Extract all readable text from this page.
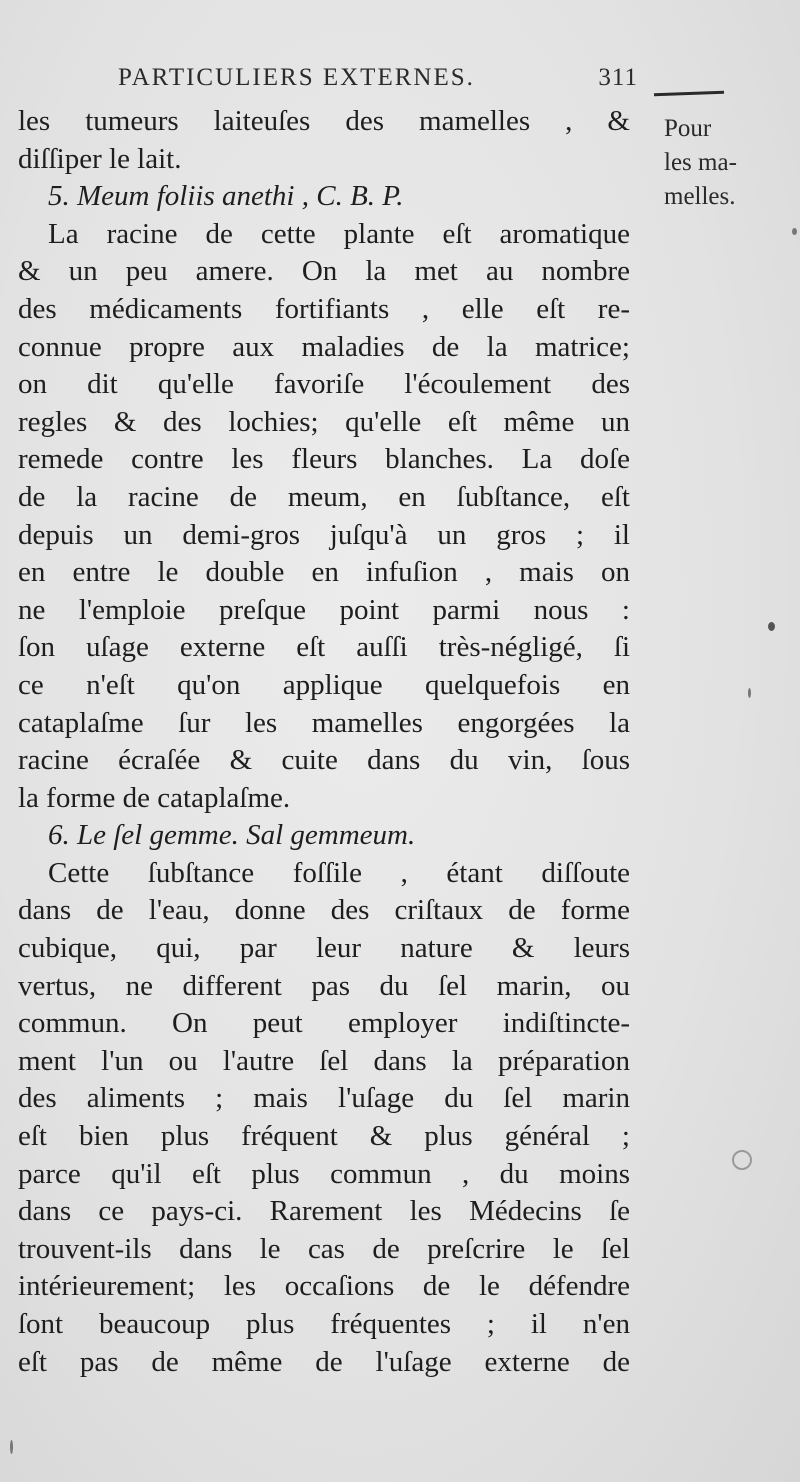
PARTICULIERS EXTERNES.	311
Pour
les ma-
melles.
les tumeurs laiteuſes des mamelles , &
diſſiper le lait.
5. Meum foliis anethi , C. B. P.
La racine de cette plante eſt aromatique
& un peu amere. On la met au nombre
des médicaments fortifiants , elle eſt re-
connue propre aux maladies de la matrice;
on dit qu'elle favoriſe l'écoulement des
regles & des lochies; qu'elle eſt même un
remede contre les fleurs blanches. La doſe
de la racine de meum, en ſubſtance, eſt
depuis un demi-gros juſqu'à un gros ; il
en entre le double en infuſion , mais on
ne l'emploie preſque point parmi nous :
ſon uſage externe eſt auſſi très-négligé, ſi
ce n'eſt qu'on applique quelquefois en
cataplaſme ſur les mamelles engorgées la
racine écraſée & cuite dans du vin, ſous
la forme de cataplaſme.
6. Le ſel gemme. Sal gemmeum.
Cette ſubſtance foſſile , étant diſſoute
dans de l'eau, donne des criſtaux de forme
cubique, qui, par leur nature & leurs
vertus, ne different pas du ſel marin, ou
commun. On peut employer indiſtincte-
ment l'un ou l'autre ſel dans la préparation
des aliments ; mais l'uſage du ſel marin
eſt bien plus fréquent & plus général ;
parce qu'il eſt plus commun , du moins
dans ce pays-ci. Rarement les Médecins ſe
trouvent-ils dans le cas de preſcrire le ſel
intérieurement; les occaſions de le défendre
ſont beaucoup plus fréquentes ; il n'en
eſt pas de même de l'uſage externe de
